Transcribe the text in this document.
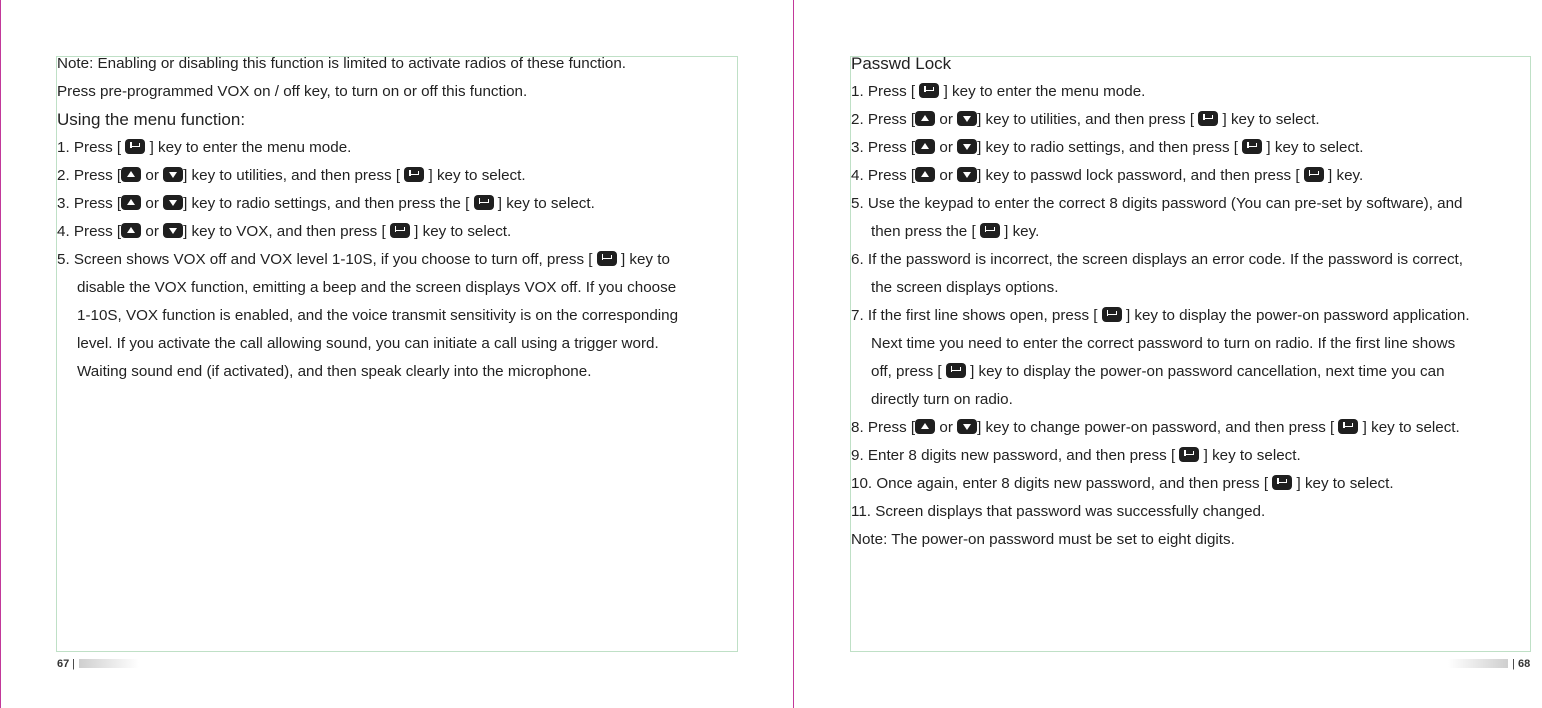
Note: Enabling or disabling this function is limited to activate radios of these function.
Press pre-programmed VOX on / off key, to turn on or off this function.
Using the menu function:
1. Press [  ] key to enter the menu mode.
2. Press [ or ] key to utilities, and then press [  ] key to select.
3. Press [ or ] key to radio settings, and then press the [  ] key to select.
4. Press [ or ] key to VOX, and then press [  ] key to select.
5. Screen shows VOX off and VOX level 1-10S, if you choose to turn off, press [  ] key to
disable the VOX function, emitting a beep and the screen displays VOX off. If you choose
1-10S, VOX function is enabled, and the voice transmit sensitivity is on the corresponding
level. If you activate the call allowing sound, you can initiate a call using a trigger word.
Waiting sound end (if activated), and then speak clearly into the microphone.
Passwd Lock
1. Press [  ] key to enter the menu mode.
2. Press [ or ] key to utilities, and then press [  ] key to select.
3. Press [ or ] key to radio settings, and then press [  ] key to select.
4. Press [ or ] key to passwd lock password, and then press [  ] key.
5. Use the keypad to enter the correct 8 digits password (You can pre-set by software), and
then press the [  ] key.
6. If the password is incorrect, the screen displays an error code. If the password is correct,
the screen displays options.
7. If the first line shows open, press [  ] key to display the power-on password application.
Next time you need to enter the correct password to turn on radio. If the first line shows
off, press [  ] key to display the power-on password cancellation, next time you can
directly turn on radio.
8. Press [ or ] key to change power-on password, and then press [  ] key to select.
9. Enter 8 digits new password, and then press [  ] key to select.
10. Once again, enter 8 digits new password, and then press [  ] key to select.
11. Screen displays that password was successfully changed.
Note: The power-on password must be set to eight digits.
67 |	| 68
